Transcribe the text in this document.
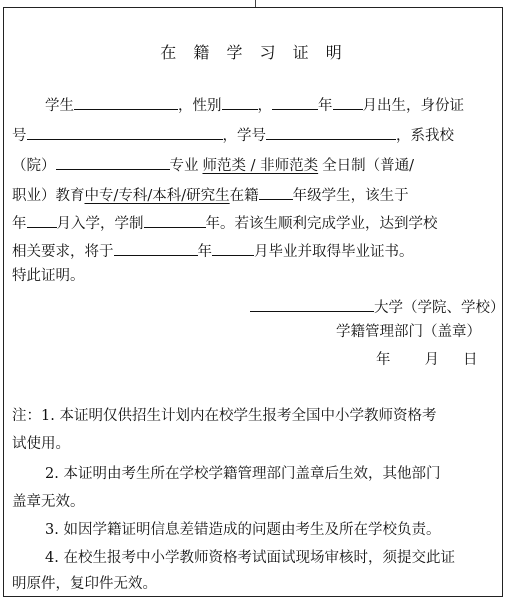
在 籍 学 习 证 明
学生	，性别 ，	年 月出生，身份证
号	，学号	，系我校
（院）	专业 师范类 / 非师范类 全日制（普通/
职业）教育中专/专科/本科/研究生在籍 年级学生，该生于
年 月入学，学制	年。若该生顺利完成学业，达到学校
相关要求，将于	年	月毕业并取得毕业证书。
特此证明。
大学（学院、学校）
学籍管理部门（盖章）
年 月 日
注：1. 本证明仅供招生计划内在校学生报考全国中小学教师资格考
试使用。
2. 本证明由考生所在学校学籍管理部门盖章后生效，其他部门
盖章无效。
3. 如因学籍证明信息差错造成的问题由考生及所在学校负责。
4. 在校生报考中小学教师资格考试面试现场审核时，须提交此证
明原件，复印件无效。
